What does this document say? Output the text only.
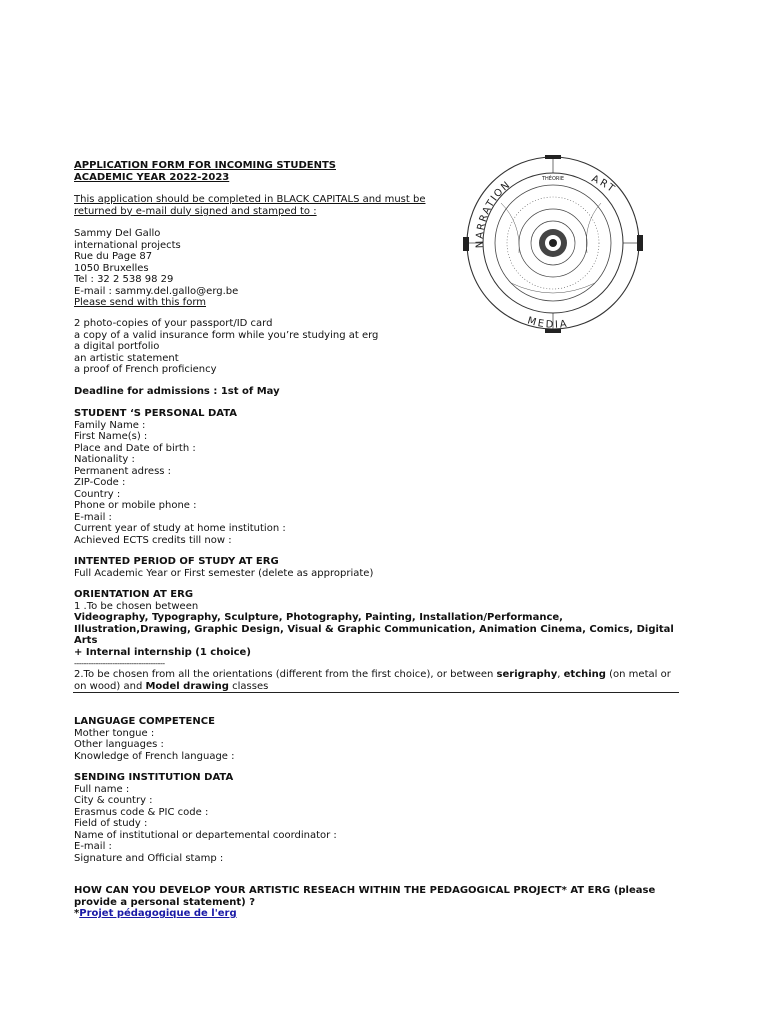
APPLICATION FORM FOR INCOMING STUDENTS
ACADEMIC YEAR 2022-2023
This application should be completed in BLACK CAPITALS and must be returned by e-mail duly signed and stamped to :
Sammy Del Gallo
international projects
Rue du Page 87
1050 Bruxelles
Tel : 32 2 538 98 29
E-mail : sammy.del.gallo@erg.be
Please send with this form
2 photo-copies of your passport/ID card
a copy of a valid insurance form while you’re studying at erg
a digital portfolio
an artistic statement
a proof of French proficiency
Deadline for admissions : 1st of May
STUDENT ‘S PERSONAL DATA
Family Name :
First Name(s) :
Place and Date of birth :
Nationality :
Permanent adress :
ZIP-Code :
Country :
Phone or mobile phone :
E-mail :
Current year of study at home institution :
Achieved ECTS credits till now :
INTENTED PERIOD OF STUDY AT ERG
Full Academic Year or First semester (delete as appropriate)
ORIENTATION AT ERG
1 .To be chosen between
Videography, Typography, Sculpture, Photography, Painting, Installation/Performance, Illustration,Drawing, Graphic Design, Visual & Graphic Communication, Animation Cinema, Comics, Digital Arts
+ Internal internship (1 choice)
--------------------------------------
2.To be chosen from all the orientations (different from the first choice), or between serigraphy, etching (on metal or on wood) and Model drawing classes
LANGUAGE COMPETENCE
Mother tongue :
Other languages :
Knowledge of French language :
SENDING INSTITUTION DATA
Full name :
City & country :
Erasmus code & PIC code :
Field of study :
Name of institutional or departemental coordinator :
E-mail :
Signature and Official stamp :
HOW CAN YOU DEVELOP YOUR ARTISTIC RESEACH WITHIN THE PEDAGOGICAL PROJECT* AT ERG (please provide a personal statement) ?
*Projet pédagogique de l'erg
NARRATION	ART
MEDIA
THÉORIE
